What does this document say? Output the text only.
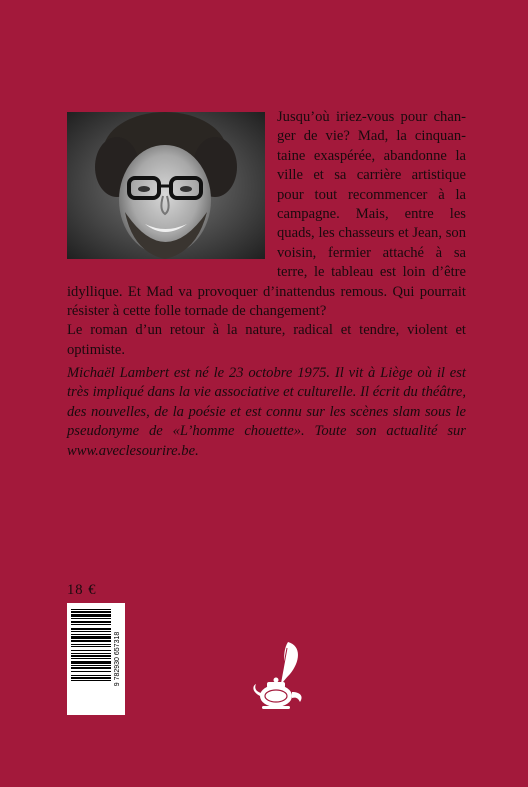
Jusqu’où iriez-vous pour changer de vie? Mad, la cinquantaine exaspérée, abandonne la ville et sa carrière artistique pour tout recommencer à la campagne. Mais, entre les quads, les chasseurs et Jean, son voisin, fermier attaché à sa terre, le tableau est loin d’être idyllique. Et Mad va provoquer d’inattendus remous. Qui pourrait résister à cette folle tornade de changement?

Le roman d’un retour à la nature, radical et tendre, violent et optimiste.

Michaël Lambert est né le 23 octobre 1975. Il vit à Liège où il est très impliqué dans la vie associative et culturelle. Il écrit du théâtre, des nouvelles, de la poésie et est connu sur les scènes slam sous le pseudonyme de «L’homme chouette». Toute son actualité sur www.aveclesourire.be.
18 €
9 782930 657318
